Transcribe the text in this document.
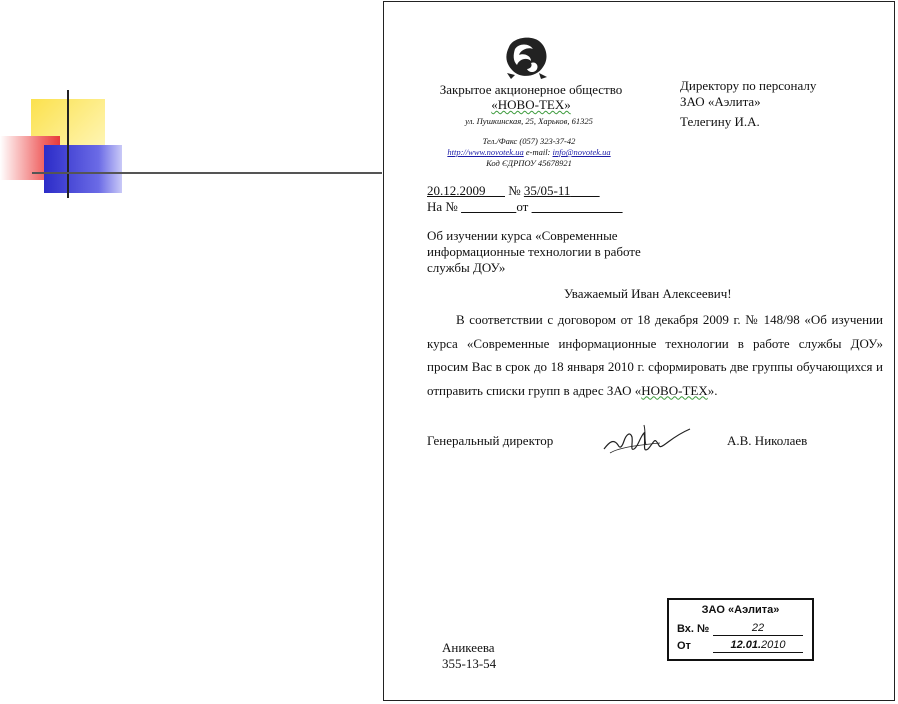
Закрытое акционерное общество
«НОВО-ТЕХ»
ул. Пушкинская, 25, Харьков, 61325
Тел./Факс (057) 323-37-42
http://www.novotek.ua e-mail: info@novotek.ua
Код ЄДРПОУ 45678921
Директору по персоналу
ЗАО «Аэлита»
Телегину И.А.
20.12.2009 № 35/05-11
На №	от
Об изучении курса «Современные
информационные технологии в работе
службы ДОУ»
Уважаемый Иван Алексеевич!
В соответствии с договором от 18 декабря 2009 г. № 148/98 «Об изучении курса «Современные информационные технологии в работе службы ДОУ» просим Вас в срок до 18 января 2010 г. сформировать две группы обучающихся и отправить списки групп в адрес ЗАО «НОВО-ТЕХ».
Генеральный директор	А.В. Николаев
Аникеева
355-13-54
ЗАО «Аэлита»
Вх. №	22
От	12.01.2010
